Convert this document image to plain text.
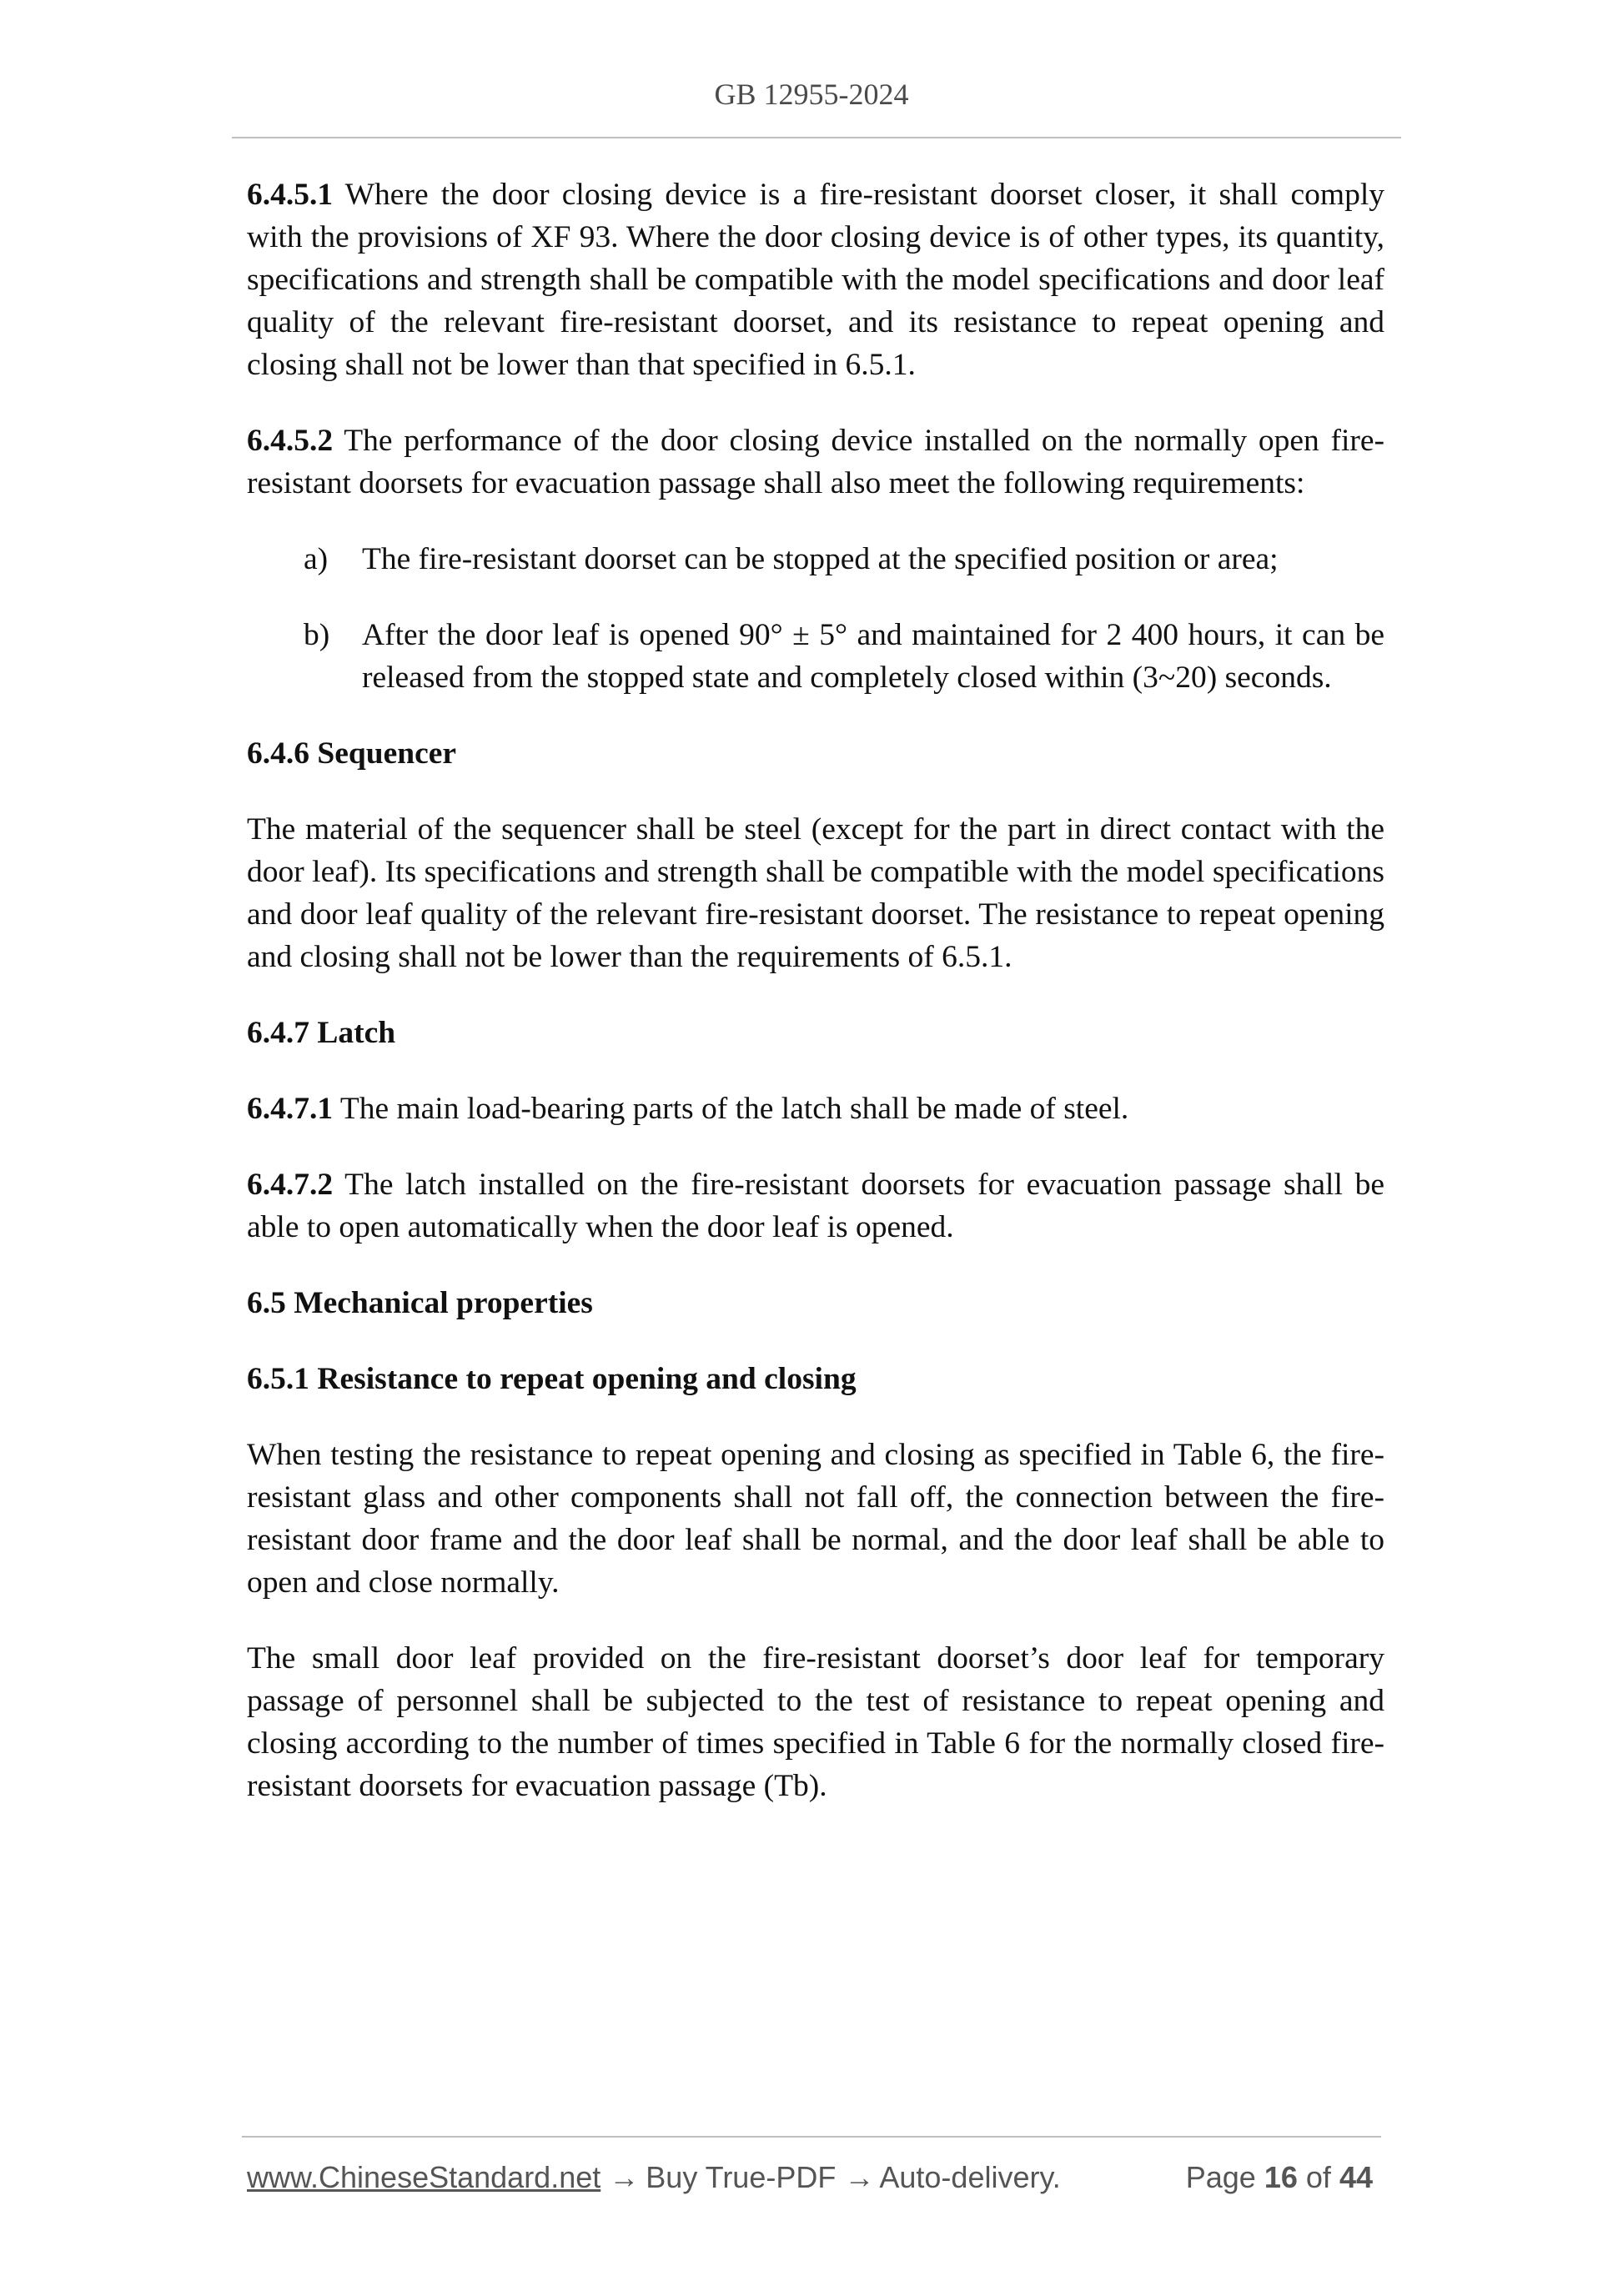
GB 12955-2024

6.4.5.1 Where the door closing device is a fire-resistant doorset closer, it shall comply with the provisions of XF 93. Where the door closing device is of other types, its quantity, specifications and strength shall be compatible with the model specifications and door leaf quality of the relevant fire-resistant doorset, and its resistance to repeat opening and closing shall not be lower than that specified in 6.5.1.

6.4.5.2 The performance of the door closing device installed on the normally open fire-resistant doorsets for evacuation passage shall also meet the following requirements:

a) The fire-resistant doorset can be stopped at the specified position or area;
b) After the door leaf is opened 90° ± 5° and maintained for 2 400 hours, it can be released from the stopped state and completely closed within (3~20) seconds.
6.4.6 Sequencer

The material of the sequencer shall be steel (except for the part in direct contact with the door leaf). Its specifications and strength shall be compatible with the model specifications and door leaf quality of the relevant fire-resistant doorset. The resistance to repeat opening and closing shall not be lower than the requirements of 6.5.1.

6.4.7 Latch

6.4.7.1 The main load-bearing parts of the latch shall be made of steel.

6.4.7.2 The latch installed on the fire-resistant doorsets for evacuation passage shall be able to open automatically when the door leaf is opened.

6.5 Mechanical properties
6.5.1 Resistance to repeat opening and closing

When testing the resistance to repeat opening and closing as specified in Table 6, the fire-resistant glass and other components shall not fall off, the connection between the fire-resistant door frame and the door leaf shall be normal, and the door leaf shall be able to open and close normally.

The small door leaf provided on the fire-resistant doorset’s door leaf for temporary passage of personnel shall be subjected to the test of resistance to repeat opening and closing according to the number of times specified in Table 6 for the normally closed fire-resistant doorsets for evacuation passage (Tb).

www.ChineseStandard.net → Buy True-PDF → Auto-delivery.	Page 16 of 44
